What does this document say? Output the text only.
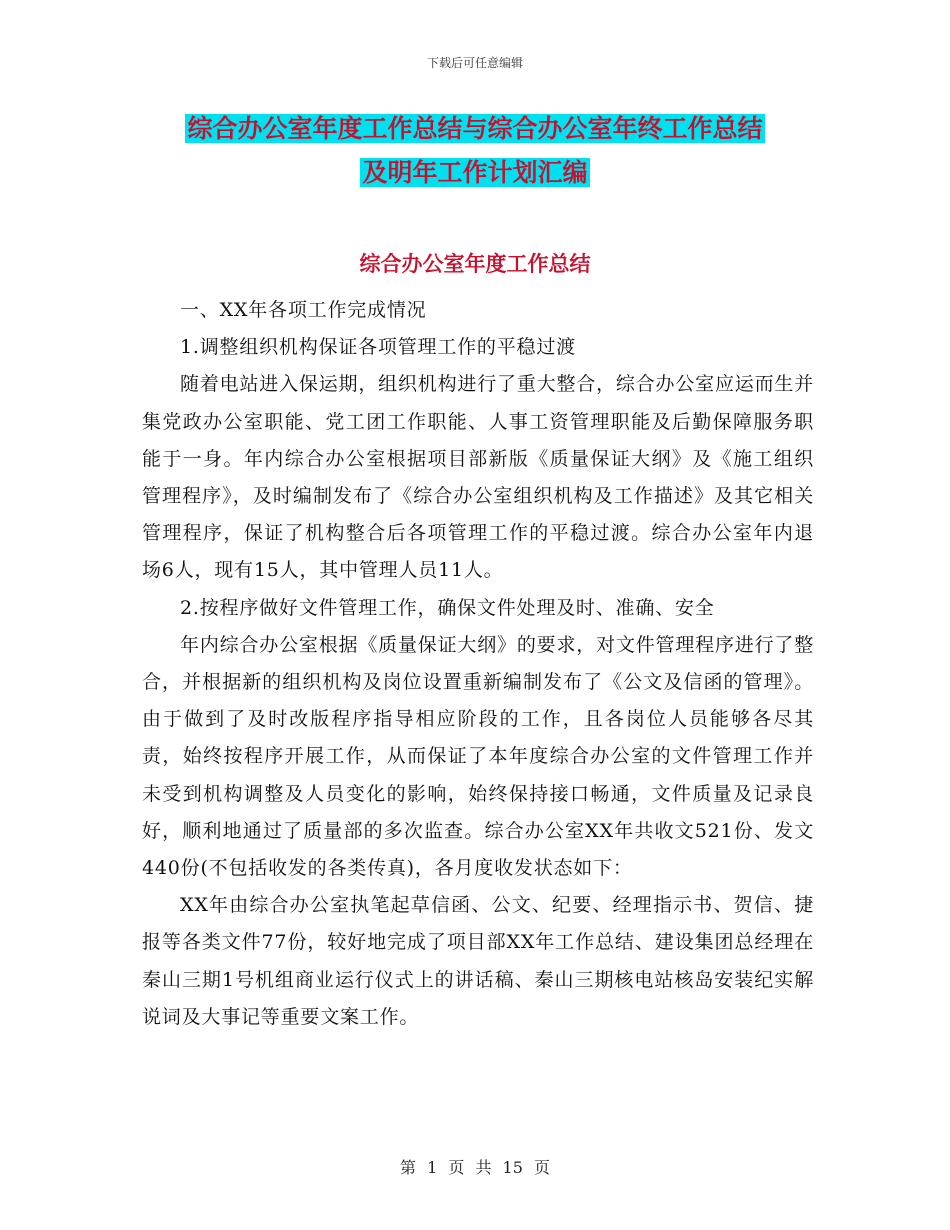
下载后可任意编辑
综合办公室年度工作总结与综合办公室年终工作总结
及明年工作计划汇编
综合办公室年度工作总结

一、XX年各项工作完成情况

1.调整组织机构保证各项管理工作的平稳过渡

随着电站进入保运期，组织机构进行了重大整合，综合办公室应运而生并集党政办公室职能、党工团工作职能、人事工资管理职能及后勤保障服务职能于一身。年内综合办公室根据项目部新版《质量保证大纲》及《施工组织管理程序》，及时编制发布了《综合办公室组织机构及工作描述》及其它相关管理程序，保证了机构整合后各项管理工作的平稳过渡。综合办公室年内退场6人，现有15人，其中管理人员11人。

2.按程序做好文件管理工作，确保文件处理及时、准确、安全

年内综合办公室根据《质量保证大纲》的要求，对文件管理程序进行了整合，并根据新的组织机构及岗位设置重新编制发布了《公文及信函的管理》。由于做到了及时改版程序指导相应阶段的工作，且各岗位人员能够各尽其责，始终按程序开展工作，从而保证了本年度综合办公室的文件管理工作并未受到机构调整及人员变化的影响，始终保持接口畅通，文件质量及记录良好，顺利地通过了质量部的多次监查。综合办公室XX年共收文521份、发文440份(不包括收发的各类传真)，各月度收发状态如下：

XX年由综合办公室执笔起草信函、公文、纪要、经理指示书、贺信、捷报等各类文件77份，较好地完成了项目部XX年工作总结、建设集团总经理在秦山三期1号机组商业运行仪式上的讲话稿、秦山三期核电站核岛安装纪实解说词及大事记等重要文案工作。

第 1 页 共 15 页
